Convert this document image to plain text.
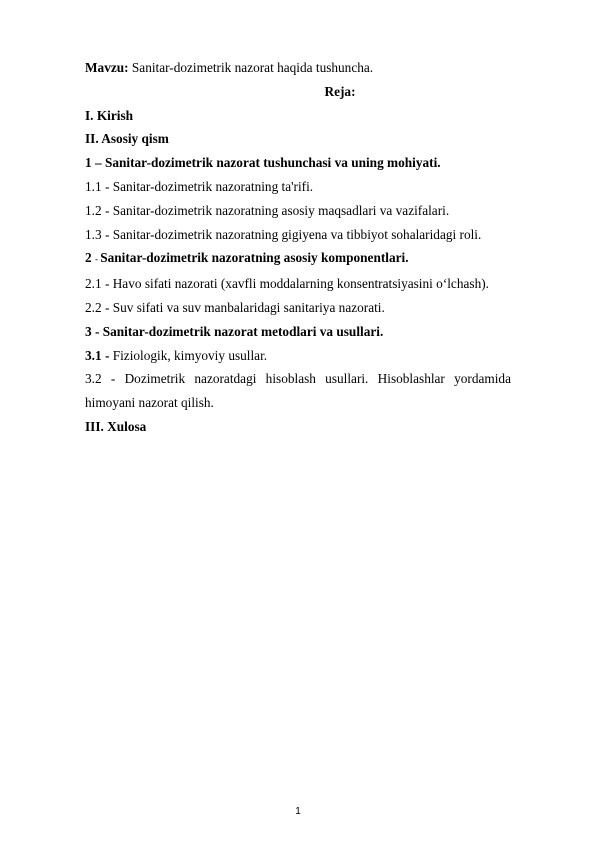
Mavzu: Sanitar-dozimetrik nazorat haqida tushuncha.

Reja:

I. Kirish

II. Asosiy qism

1 – Sanitar-dozimetrik nazorat tushunchasi va uning mohiyati.

1.1 - Sanitar-dozimetrik nazoratning ta'rifi.

1.2 - Sanitar-dozimetrik nazoratning asosiy maqsadlari va vazifalari.

1.3 - Sanitar-dozimetrik nazoratning gigiyena va tibbiyot sohalaridagi roli.

2 - Sanitar-dozimetrik nazoratning asosiy komponentlari.

2.1 - Havo sifati nazorati (xavfli moddalarning konsentratsiyasini o‘lchash).

2.2 - Suv sifati va suv manbalaridagi sanitariya nazorati.

3 - Sanitar-dozimetrik nazorat metodlari va usullari.

3.1 - Fiziologik, kimyoviy usullar.

3.2 - Dozimetrik nazoratdagi hisoblash usullari. Hisoblashlar yordamida himoyani nazorat qilish.

III. Xulosa

1
